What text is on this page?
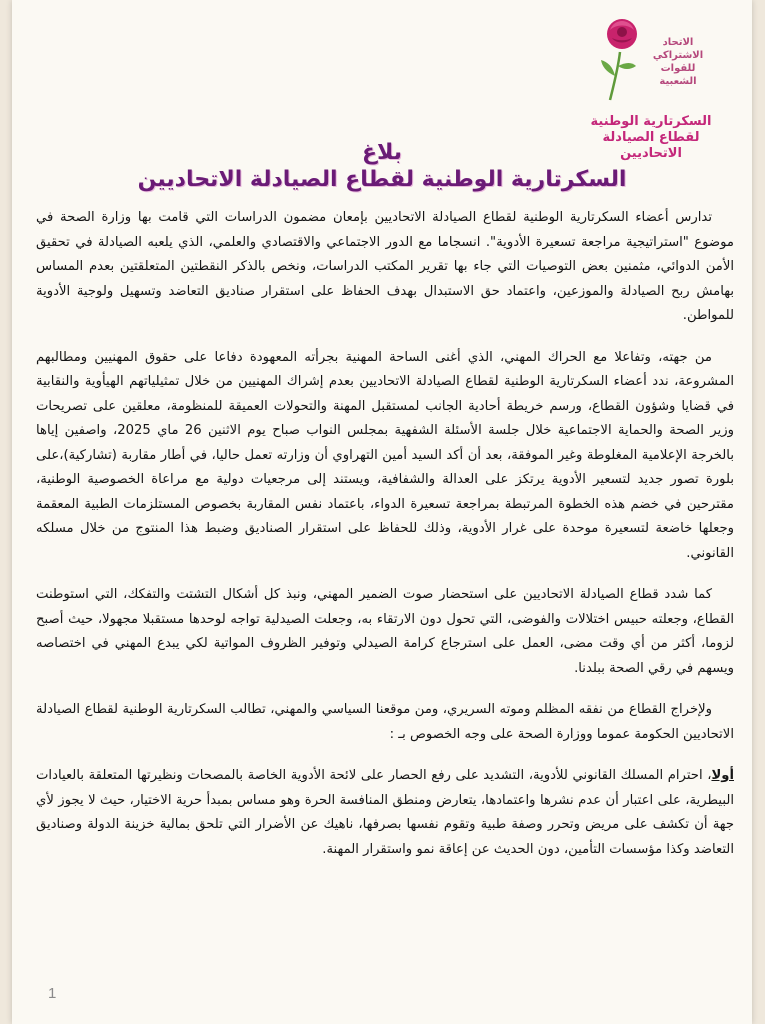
الاتحاد
الاشتراكي
للقوات
الشعبية
السكرتارية الوطنية لقطاع الصيادلة الاتحاديين
بلاغ
السكرتارية الوطنية لقطاع الصيادلة الاتحاديين

تدارس أعضاء السكرتارية الوطنية لقطاع الصيادلة الاتحاديين بإمعان مضمون الدراسات التي قامت بها وزارة الصحة في موضوع "استراتيجية مراجعة تسعيرة الأدوية". انسجاما مع الدور الاجتماعي والاقتصادي والعلمي، الذي يلعبه الصيادلة في تحقيق الأمن الدوائي، مثمنين بعض التوصيات التي جاء بها تقرير المكتب الدراسات، ونخص بالذكر النقطتين المتعلقتين بعدم المساس بهامش ربح الصيادلة والموزعين، واعتماد حق الاستبدال بهدف الحفاظ على استقرار صناديق التعاضد وتسهيل ولوجية الأدوية للمواطن.

من جهته، وتفاعلا مع الحراك المهني، الذي أغنى الساحة المهنية بجرأته المعهودة دفاعا على حقوق المهنيين ومطالبهم المشروعة، ندد أعضاء السكرتارية الوطنية لقطاع الصيادلة الاتحاديين بعدم إشراك المهنيين من خلال تمثيلياتهم الهيأوية والنقابية في قضايا وشؤون القطاع، ورسم خريطة أحادية الجانب لمستقبل المهنة والتحولات العميقة للمنظومة، معلقين على تصريحات وزير الصحة والحماية الاجتماعية خلال جلسة الأسئلة الشفهية بمجلس النواب صباح يوم الاثنين 26 ماي 2025، واصفين إياها بالخرجة الإعلامية المغلوطة وغير الموفقة، بعد أن أكد السيد أمين التهراوي أن وزارته تعمل حاليا، في أطار مقاربة (تشاركية)،على بلورة تصور جديد لتسعير الأدوية يرتكز على العدالة والشفافية، ويستند إلى مرجعيات دولية مع مراعاة الخصوصية الوطنية، مقترحين في خضم هذه الخطوة المرتبطة بمراجعة تسعيرة الدواء، باعتماد نفس المقاربة بخصوص المستلزمات الطبية المعقمة وجعلها خاضعة لتسعيرة موحدة على غرار الأدوية، وذلك للحفاظ على استقرار الصناديق وضبط هذا المنتوج من خلال مسلكه القانوني.

كما شدد قطاع الصيادلة الاتحاديين على استحضار صوت الضمير المهني، ونبذ كل أشكال التشتت والتفكك، التي استوطنت القطاع، وجعلته حبيس اختلالات والفوضى، التي تحول دون الارتقاء به، وجعلت الصيدلية تواجه لوحدها مستقبلا مجهولا، حيث أصبح لزوما، أكثر من أي وقت مضى، العمل على استرجاع كرامة الصيدلي وتوفير الظروف المواتية لكي يبدع المهني في اختصاصه ويسهم في رقي الصحة ببلدنا.

ولإخراج القطاع من نفقه المظلم وموته السريري، ومن موقعنا السياسي والمهني، تطالب السكرتارية الوطنية لقطاع الصيادلة الاتحاديين الحكومة عموما ووزارة الصحة على وجه الخصوص بـ :

أولا، احترام المسلك القانوني للأدوية، التشديد على رفع الحصار على لائحة الأدوية الخاصة بالمصحات ونظيرتها المتعلقة بالعيادات البيطرية، على اعتبار أن عدم نشرها واعتمادها، يتعارض ومنطق المنافسة الحرة وهو مساس بمبدأ حرية الاختيار، حيث لا يجوز لأي جهة أن تكشف على مريض وتحرر وصفة طبية وتقوم نفسها بصرفها، ناهيك عن الأضرار التي تلحق بمالية خزينة الدولة وصناديق التعاضد وكذا مؤسسات التأمين، دون الحديث عن إعاقة نمو واستقرار المهنة.

1
